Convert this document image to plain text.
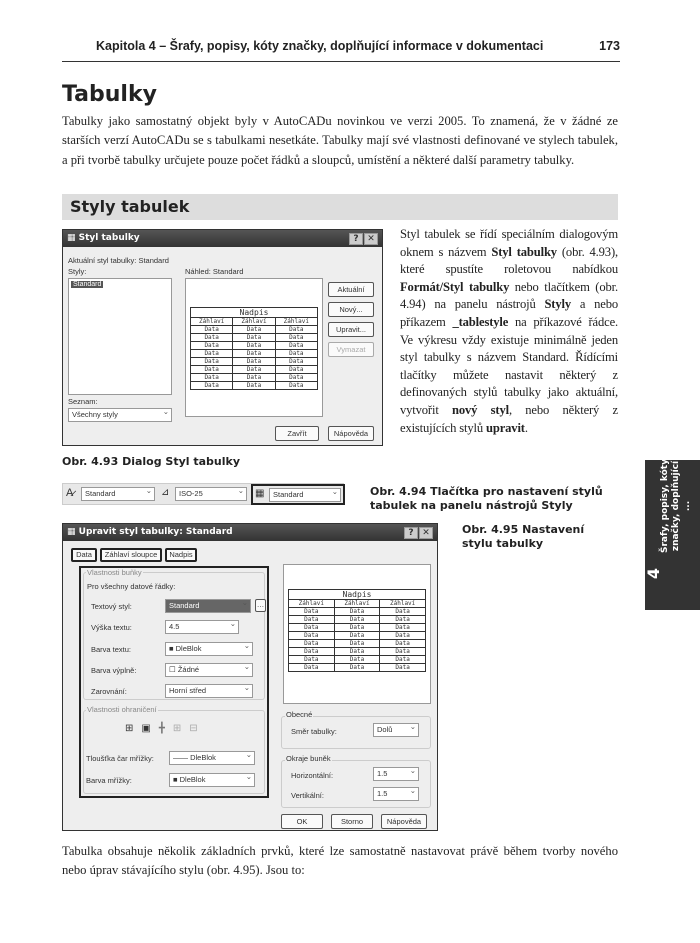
Kapitola 4 – Šrafy, popisy, kóty značky, doplňující informace v dokumentaci	173
Tabulky
Tabulky jako samostatný objekt byly v AutoCADu novinkou ve verzi 2005. To znamená, že v žádné ze starších verzí AutoCADu se s tabulkami nesetkáte. Tabulky mají své vlastnosti definované ve stylech tabulek, a při tvorbě tabulky určujete pouze počet řádků a sloupců, umístění a některé další parametry tabulky.
Styly tabulek
▦ Styl tabulky	? ✕
Aktuální styl tabulky: Standard
Styly:
Standard
Seznam:
Všechny styly ⌄
Náhled: Standard
Nadpis		
Záhlaví	Záhlaví	Záhlaví
Data	Data	Data
Data	Data	Data
Data	Data	Data
Data	Data	Data
Data	Data	Data
Data	Data	Data
Data	Data	Data
Data	Data	Data
Aktuální
Nový...
Upravit...
Vymazat
Zavřít	Nápověda
Obr. 4.93 Dialog Styl tabulky
Styl tabulek se řídí speciálním dialogovým oknem s názvem Styl tabulky (obr. 4.93), které spustíte roletovou nabídkou Formát/Styl tabulky nebo tlačítkem (obr. 4.94) na panelu nástrojů Styly a nebo příkazem _tablestyle na příkazové řádce. Ve výkresu vždy existuje minimálně jeden styl tabulky s názvem Standard. Řídícími tlačítky můžete nastavit některý z definovaných stylů tabulky jako aktuální, vytvořit nový styl, nebo některý z existujících stylů upravit.
A̷	Standard ⌄	⊿	ISO-25 ⌄	▦	Standard ⌄	Obr. 4.94 Tlačítka pro nastavení stylů tabulek na panelu nástrojů Styly
▦ Upravit styl tabulky: Standard	? ✕
Data	Záhlaví sloupce	Nadpis
Vlastnosti buňky
Pro všechny datové řádky:
Textový styl:	Standard ⌄	…
Výška textu:	4.5 ⌄
Barva textu:	■ DleBlok ⌄
Barva výplně:	☐ Žádné ⌄
Zarovnání:	Horní střed ⌄
Vlastnosti ohraničení
⊞ ▣ ╋ ⊞ ⊟
Tloušťka čar mřížky:	—— DleBlok ⌄
Barva mřížky:	■ DleBlok ⌄
Nadpis		
Záhlaví	Záhlaví	Záhlaví
Data	Data	Data
Data	Data	Data
Data	Data	Data
Data	Data	Data
Data	Data	Data
Data	Data	Data
Data	Data	Data
Data	Data	Data
Obecné
Směr tabulky:	Dolů ⌄
Okraje buněk
Horizontální:	1.5 ⌄
Vertikální:	1.5 ⌄
OK	Storno	Nápověda
Obr. 4.95 Nastavení stylu tabulky
4
Šrafy, popisy, kóty značky, doplňující ...
Tabulka obsahuje několik základních prvků, které lze samostatně nastavovat právě během tvorby nového nebo úprav stávajícího stylu (obr. 4.95). Jsou to:
